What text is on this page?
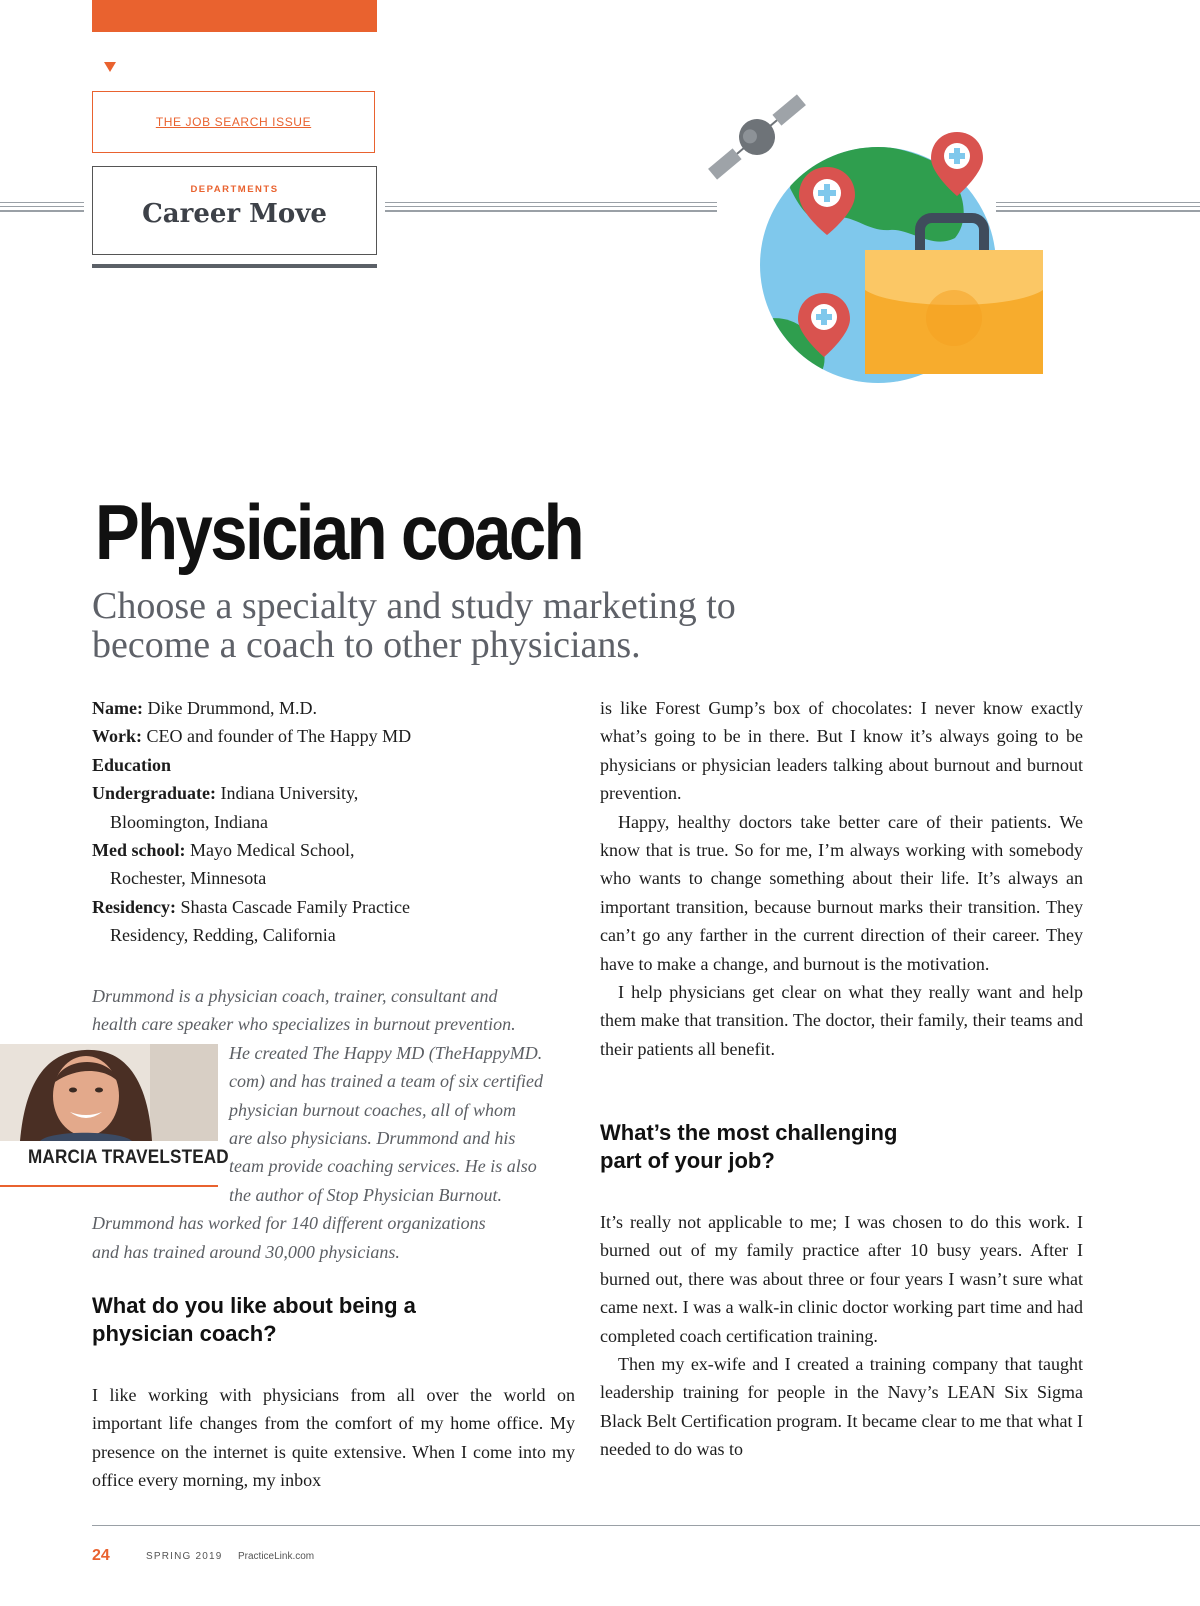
THE JOB SEARCH ISSUE
DEPARTMENTS
Career Move
Physician coach
Choose a specialty and study marketing to become a coach to other physicians.

Name: Dike Drummond, M.D.

Work: CEO and founder of The Happy MD

Education

Undergraduate: Indiana University,

Bloomington, Indiana

Med school: Mayo Medical School,

Rochester, Minnesota

Residency: Shasta Cascade Family Practice

Residency, Redding, California

Drummond is a physician coach, trainer, consultant and

health care speaker who specializes in burnout prevention.

He created The Happy MD (TheHappyMD.

com) and has trained a team of six certified

physician burnout coaches, all of whom

are also physicians. Drummond and his

team provide coaching services. He is also

the author of Stop Physician Burnout.

Drummond has worked for 140 different organizations

and has trained around 30,000 physicians.

MARCIA TRAVELSTEAD
What do you like about being a physician coach?

I like working with physicians from all over the world on important life changes from the comfort of my home office. My presence on the internet is quite extensive. When I come into my office every morning, my inbox

is like Forest Gump’s box of chocolates: I never know exactly what’s going to be in there. But I know it’s always going to be physicians or physician leaders talking about burnout and burnout prevention.

Happy, healthy doctors take better care of their patients. We know that is true. So for me, I’m always working with somebody who wants to change something about their life. It’s always an important transition, because burnout marks their transition. They can’t go any farther in the current direction of their career. They have to make a change, and burnout is the motivation.

I help physicians get clear on what they really want and help them make that transition. The doctor, their family, their teams and their patients all benefit.

What’s the most challenging part of your job?

It’s really not applicable to me; I was chosen to do this work. I burned out of my family practice after 10 busy years. After I burned out, there was about three or four years I wasn’t sure what came next. I was a walk-in clinic doctor working part time and had completed coach certification training.

Then my ex-wife and I created a training company that taught leadership training for people in the Navy’s LEAN Six Sigma Black Belt Certification program. It became clear to me that what I needed to do was to

24	SPRING 2019 PracticeLink.com
